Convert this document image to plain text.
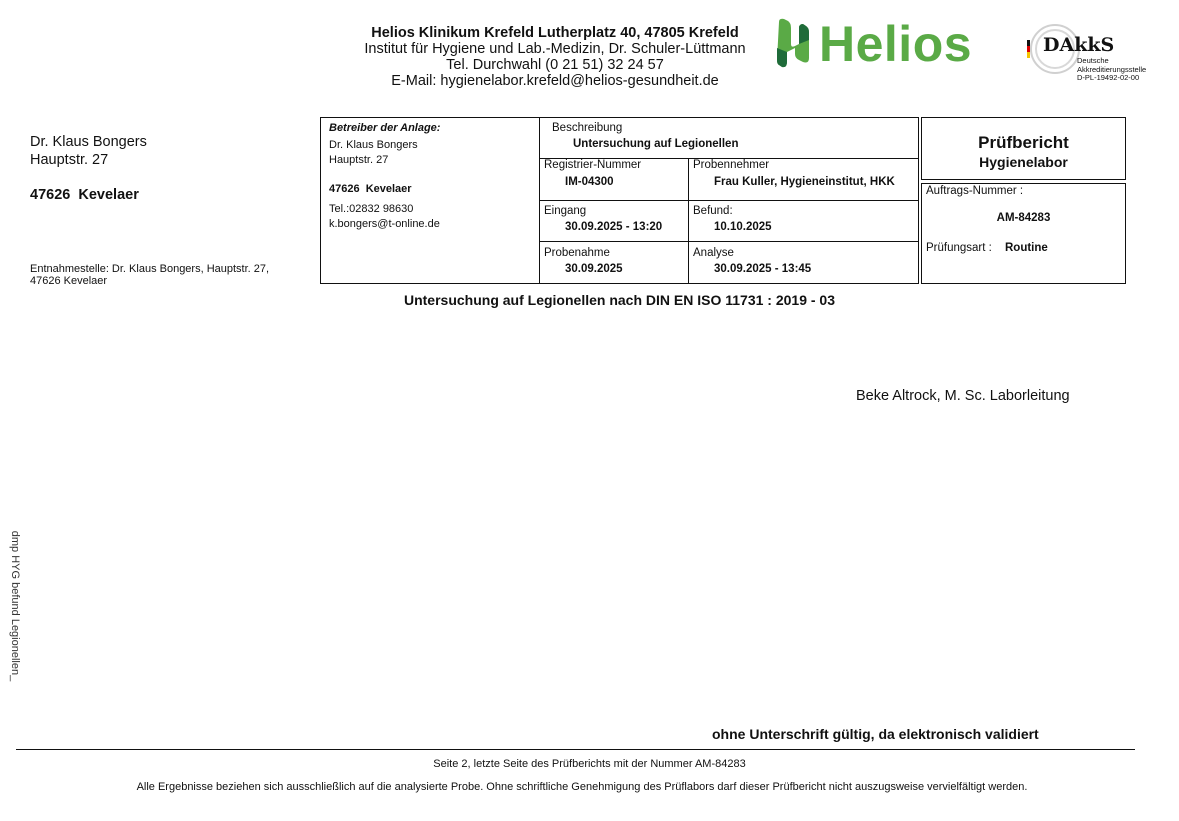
Helios Klinikum Krefeld Lutherplatz 40, 47805 Krefeld
Institut für Hygiene und Lab.-Medizin, Dr. Schuler-Lüttmann
Tel. Durchwahl (0 21 51) 32 24 57
E-Mail: hygienelabor.krefeld@helios-gesundheit.de
Helios	DAkkS
Deutsche
Akkreditierungsstelle
D-PL-19492-02-00
Dr. Klaus Bongers
Hauptstr. 27
47626  Kevelaer
Entnahmestelle: Dr. Klaus Bongers, Hauptstr. 27,
47626 Kevelaer
Betreiber der Anlage:
Dr. Klaus Bongers
Hauptstr. 27
47626  Kevelaer
Tel.:02832 98630
k.bongers@t-online.de
Beschreibung
Untersuchung auf Legionellen
Registrier-Nummer
IM-04300
Probennehmer
Frau Kuller, Hygieneinstitut, HKK
Eingang
30.09.2025 - 13:20
Befund:
10.10.2025
Probenahme
30.09.2025
Analyse
30.09.2025 - 13:45
Prüfbericht
Hygienelabor
Auftrags-Nummer :
AM-84283
Prüfungsart : Routine
Untersuchung auf Legionellen nach DIN EN ISO 11731 : 2019 - 03
Beke Altrock, M. Sc. Laborleitung
dmp HYG befund Legionellen_
ohne Unterschrift gültig, da elektronisch validiert
Seite 2, letzte Seite des Prüfberichts mit der Nummer AM-84283
Alle Ergebnisse beziehen sich ausschließlich auf die analysierte Probe. Ohne schriftliche Genehmigung des Prüflabors darf dieser Prüfbericht nicht auszugsweise vervielfältigt werden.
